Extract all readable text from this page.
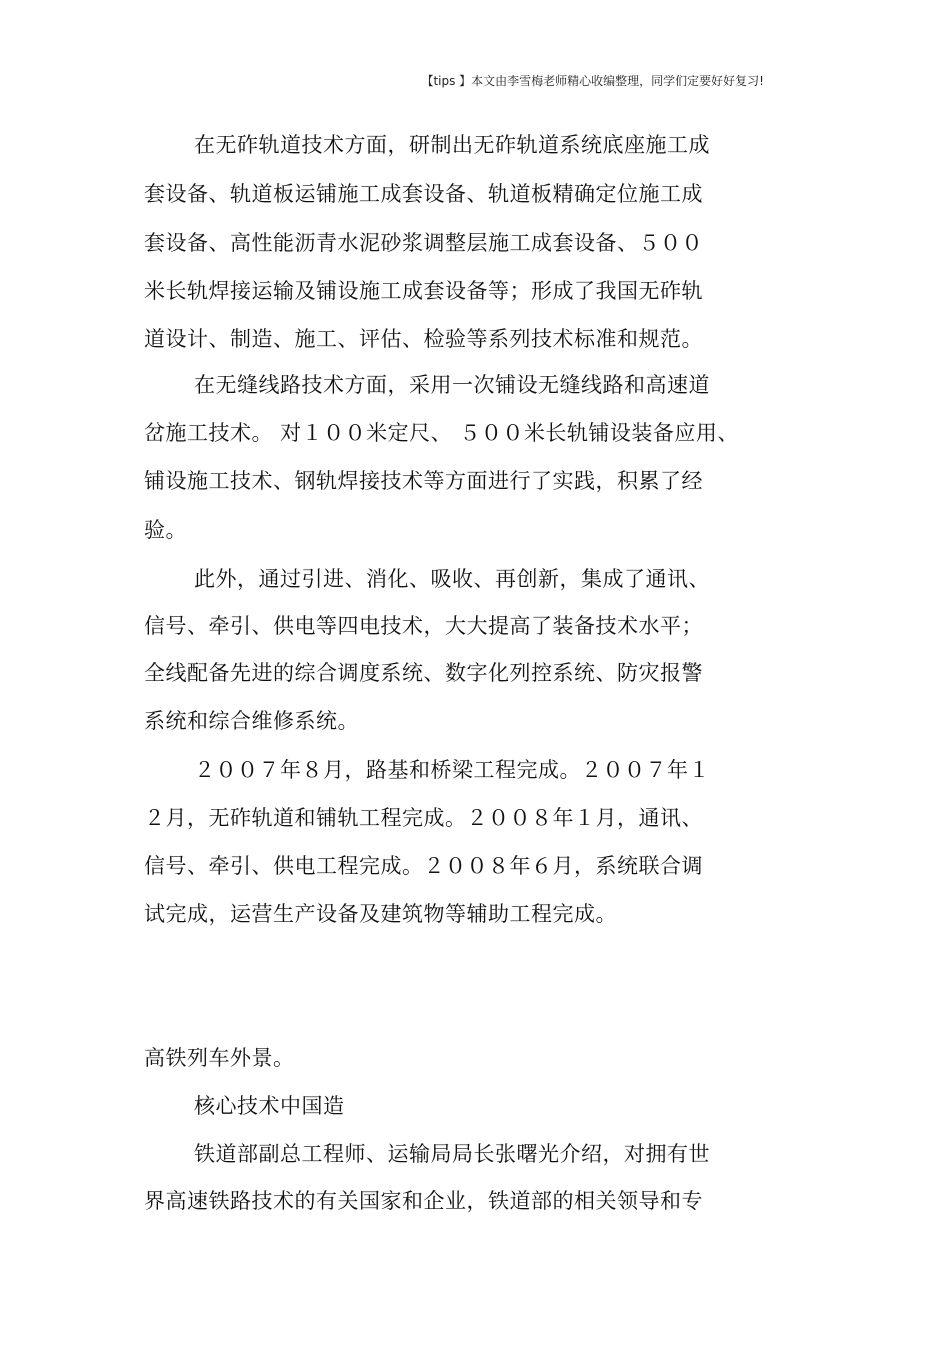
【tips 】本文由李雪梅老师精心收编整理，同学们定要好好复习!
在无砟轨道技术方面，研制出无砟轨道系统底座施工成
套设备、轨道板运铺施工成套设备、轨道板精确定位施工成
套设备、高性能沥青水泥砂浆调整层施工成套设备、５００
米长轨焊接运输及铺设施工成套设备等；形成了我国无砟轨
道设计、制造、施工、评估、检验等系列技术标准和规范。
在无缝线路技术方面，采用一次铺设无缝线路和高速道
岔施工技术。 对１００米定尺、 ５００米长轨铺设装备应用、
铺设施工技术、钢轨焊接技术等方面进行了实践，积累了经
验。
此外，通过引进、消化、吸收、再创新，集成了通讯、
信号、牵引、供电等四电技术，大大提高了装备技术水平；
全线配备先进的综合调度系统、数字化列控系统、防灾报警
系统和综合维修系统。
２００７年８月，路基和桥梁工程完成。２００７年１
２月，无砟轨道和铺轨工程完成。２００８年１月，通讯、
信号、牵引、供电工程完成。２００８年６月，系统联合调
试完成，运营生产设备及建筑物等辅助工程完成。
高铁列车外景。
核心技术中国造
铁道部副总工程师、运输局局长张曙光介绍，对拥有世
界高速铁路技术的有关国家和企业，铁道部的相关领导和专
